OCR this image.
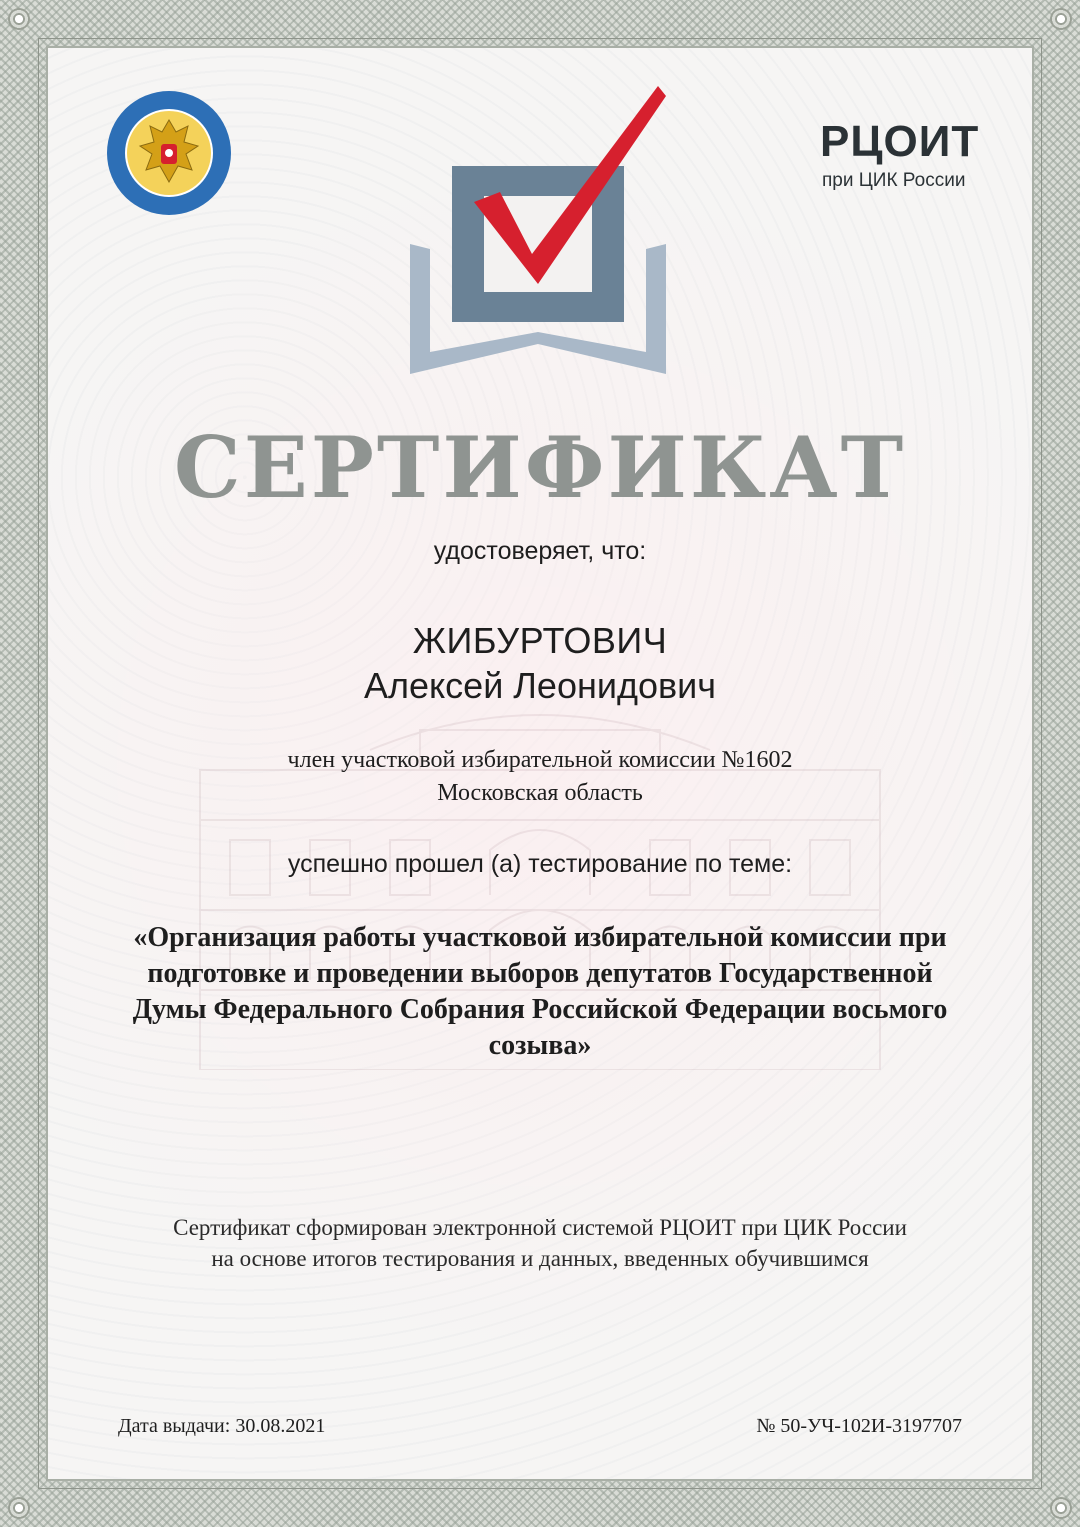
РЦОИТ
при ЦИК России
СЕРТИФИКАТ
удостоверяет, что:
ЖИБУРТОВИЧ
Алексей Леонидович
член участковой избирательной комиссии №1602
Московская область
успешно прошел (а) тестирование по теме:
«Организация работы участковой избирательной комиссии при подготовке и проведении выборов депутатов Государственной Думы Федерального Собрания Российской Федерации восьмого созыва»
Сертификат сформирован электронной системой РЦОИТ при ЦИК России
на основе итогов тестирования и данных, введенных обучившимся
Дата выдачи: 30.08.2021	№ 50-УЧ-102И-3197707
